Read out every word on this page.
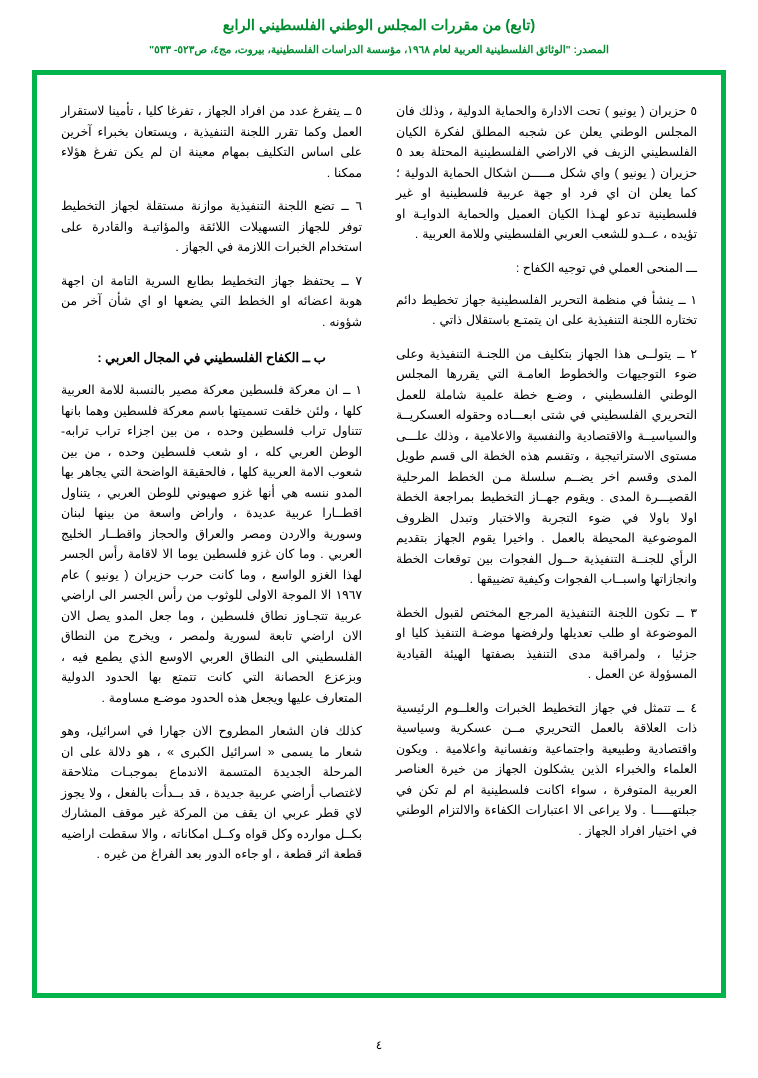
(تابع) من مقررات المجلس الوطني الفلسطيني الرابع
المصدر: "الوثائق الفلسطينية العربية لعام ١٩٦٨، مؤسسة الدراسات الفلسطينية، بيروت، مج٤، ص٥٢٣- ٥٣٣"

٥ حزيران ( يونيو ) تحت الادارة والحماية الدولية ، وذلك فان المجلس الوطني يعلن عن شجبه المطلق لفكرة الكيان الفلسطيني الزيف في الاراضي الفلسطينية المحتلة بعد ٥ حزيران ( يونيو ) واي شكل مـــــن اشكال الحماية الدولية ؛ كما يعلن ان اي فرد او جهة عربية فلسطينية او غير فلسطينية تدعو لهـذا الكيان العميل والحماية الدوايـة او تؤيده ، عــدو للشعب العربي الفلسطيني وللامة العربية .

ـــ المنحى العملي في توجيه الكفاح :

١ ــ ينشأ في منظمة التحرير الفلسطينية جهاز تخطيط دائم تختاره اللجنة التنفيذية على ان يتمتـع باستقلال ذاتي .

٢ ــ يتولــى هذا الجهاز بتكليف من اللجنـة التنفيذية وعلى ضوء التوجيهات والخطوط العامـة التي يقررها المجلس الوطني الفلسطيني ، وضـع خطة علمية شاملة للعمل التحريري الفلسطيني في شتى ابعـــاده وحقوله العسكريــة والسياسيــة والاقتصادية والنفسية والاعلامية ، وذلك علـــى مستوى الاستراتيجية ، وتقسم هذه الخطة الى قسم طويل المدى وقسم اخر يضــم سلسلة مـن الخطط المرحلية القصيـــرة المدى . ويقوم جهــاز التخطيط بمراجعة الخطة اولا باولا في ضوء التجربة والاختبار وتبدل الظروف الموضوعية المحيطة بالعمل . واخيرا يقوم الجهاز بتقديم الرأي للجنــة التنفيذية حــول الفجوات بين توقعات الخطة وانجازاتها واسبــاب الفجوات وكيفية تضييقها .

٣ ــ تكون اللجنة التنفيذية المرجع المختص لقبول الخطة الموضوعة او طلب تعديلها ولرفضها موضـة التنفيذ كليا او جزئيا ، ولمراقبة مدى التنفيذ بصفتها الهيئة القيادية المسؤولة عن العمل .

٤ ــ تتمثل في جهاز التخطيط الخبرات والعلــوم الرئيسية ذات العلاقة بالعمل التحريري مــن عسكرية وسياسية واقتصادية وطبيعية واجتماعية ونفسانية واعلامية . ويكون العلماء والخبراء الذين يشكلون الجهاز من خيرة العناصر العربية المتوفرة ، سواء اكانت فلسطينية ام لم تكن في جبلتهـــــا . ولا يراعى الا اعتبارات الكفاءة والالتزام الوطني في اختيار افراد الجهاز .

٥ ــ يتفرغ عدد من افراد الجهاز ، تفرغا كليا ، تأمينا لاستقرار العمل وكما تقرر اللجنة التنفيذية ، ويستعان بخبراء آخرين على اساس التكليف بمهام معينة ان لم يكن تفرغ هؤلاء ممكنا .

٦ ــ تضع اللجنة التنفيذية موازنة مستقلة لجهاز التخطيط توفر للجهاز التسهيلات اللائقة والمؤاتيـة والقادرة على استخدام الخبرات اللازمة في الجهاز .

٧ ــ يحتفظ جهاز التخطيط بطابع السرية التامة ان اجهة هوبة اعضائه او الخطط التي يضعها او اي شأن آخر من شؤونه .

ب ــ الكفاح الفلسطيني في المجال العربي :

١ ــ ان معركة فلسطين معركة مصير بالنسبة للامة العربية كلها ، ولئن خلقت تسميتها باسم معركة فلسطين وهما بانها تتناول تراب فلسطين وحده ، من بين اجزاء تراب ترابه-الوطن العربي كله ، او شعب فلسطين وحده ، من بين شعوب الامة العربية كلها ، فالحقيقة الواضحة التي يجاهر بها المدو ننسه هي أنها غزو صهيوني للوطن العربي ، يتناول اقطــارا عربية عديدة ، واراض واسعة من بينها لبنان وسورية والاردن ومصر والعراق والحجاز واقطــار الخليج العربي . وما كان غزو فلسطين يوما الا لاقامة رأس الجسر لهذا الغزو الواسع ، وما كانت حرب حزيران ( يونيو ) عام ١٩٦٧ الا الموجة الاولى للوثوب من رأس الجسر الى اراضي عربية تتجـاوز نطاق فلسطين ، وما جعل المدو يصل الان الان اراضي تابعة لسورية ولمصر ، ويخرج من النطاق الفلسطيني الى النطاق العربي الاوسع الذي يطمع فيه ، وبزعزع الحصانة التي كانت تتمتع بها الحدود الدولية المتعارف عليها ويجعل هذه الحدود موضـع مساومة .

كذلك فان الشعار المطروح الان جهارا في اسرائيل، وهو شعار ما يسمى « اسرائيل الكبرى » ، هو دلالة على ان المرحلة الجديدة المتسمة الاندماع بموجبـات مثلاحقة لاغتصاب أراضي عربية جديدة ، قد بــدأت بالفعل ، ولا يجوز لاي قطر عربي ان يقف من المركة غير موقف المشارك بكــل موارده وكل قواه وكــل امكاناته ، والا سقطت اراضيه قطعة اثر قطعة ، او جاءه الدور بعد الفراغ من غيره .

٤
